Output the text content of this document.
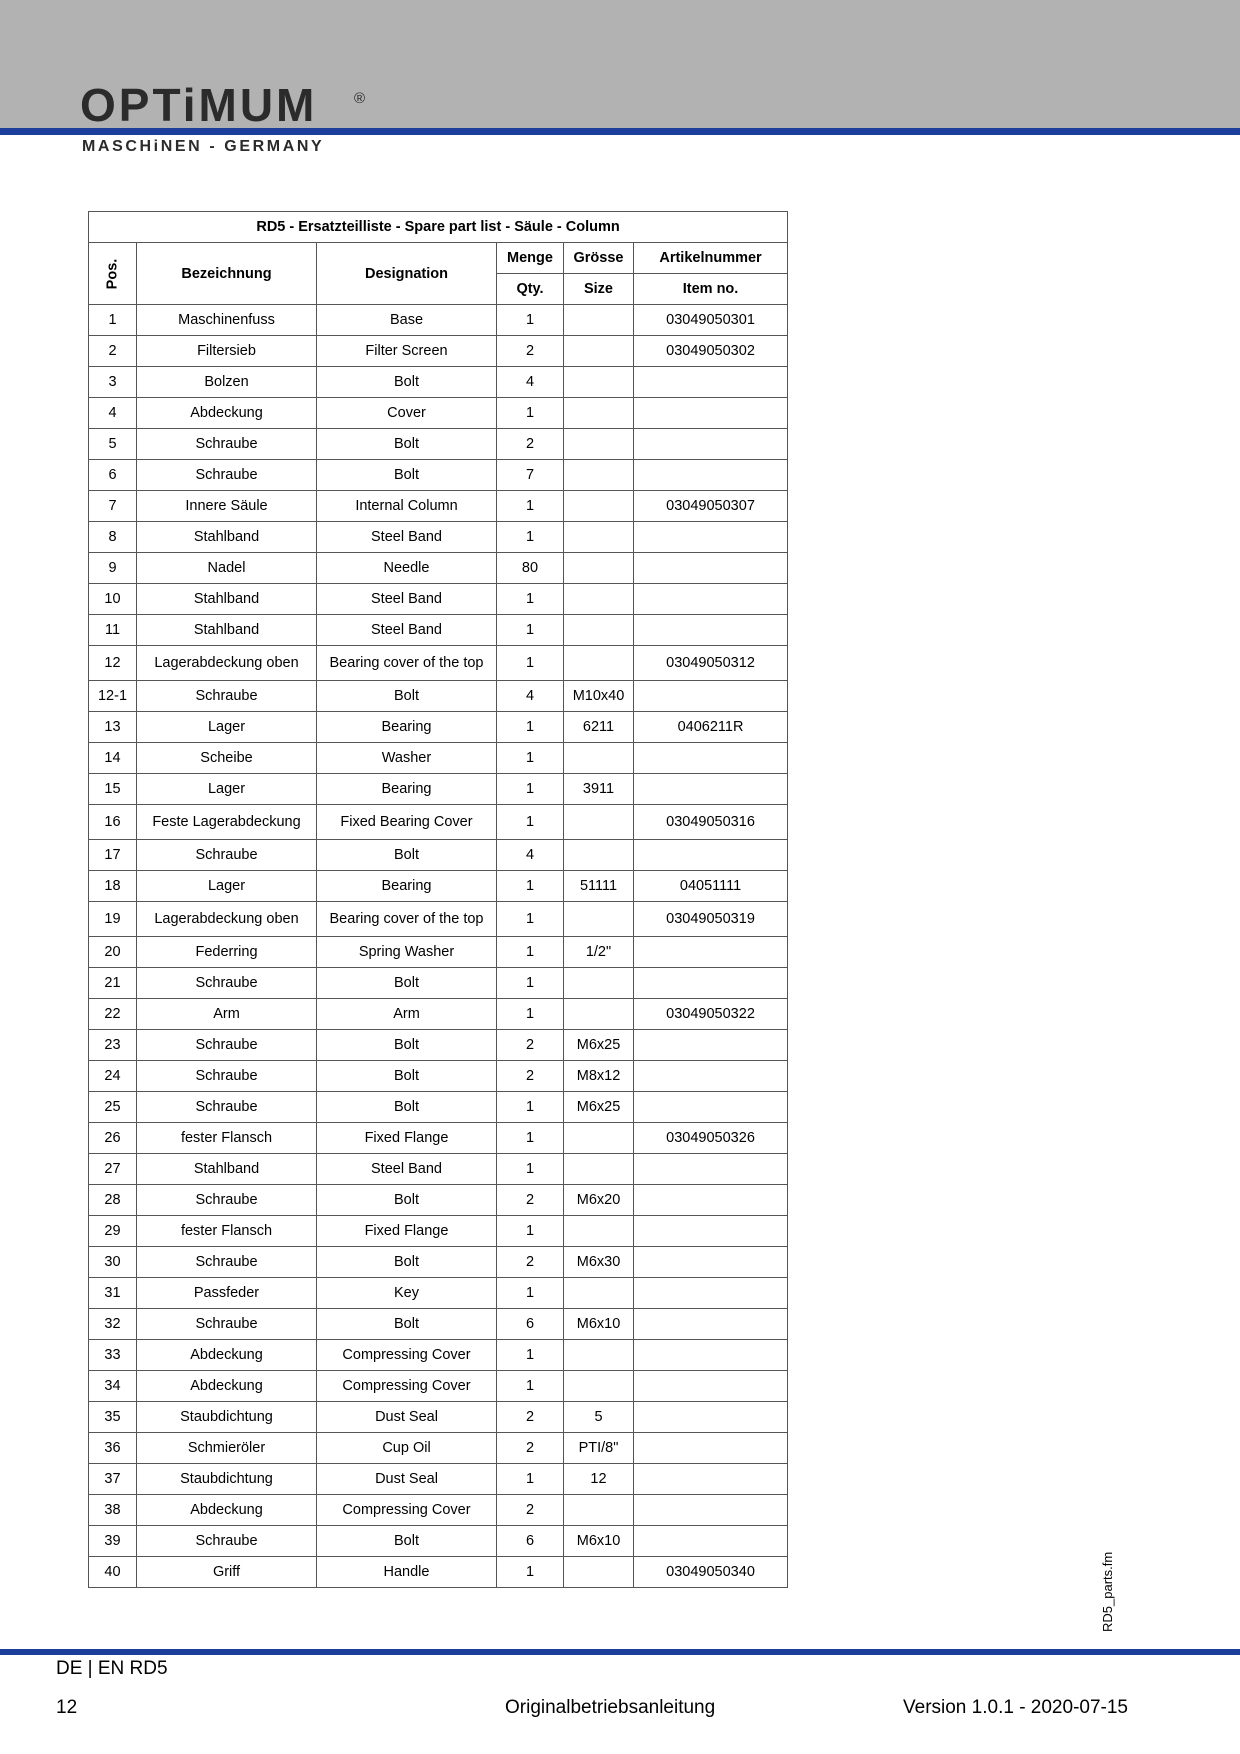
OPTiMUM ®
MASCHiNEN - GERMANY
RD5 - Ersatzteilliste - Spare part list - Säule - Column					
Pos.	Bezeichnung	Designation	Menge	Grösse	Artikelnummer
			Qty.	Size	Item no.
1	Maschinenfuss	Base	1		03049050301
2	Filtersieb	Filter Screen	2		03049050302
3	Bolzen	Bolt	4		
4	Abdeckung	Cover	1		
5	Schraube	Bolt	2		
6	Schraube	Bolt	7		
7	Innere Säule	Internal Column	1		03049050307
8	Stahlband	Steel Band	1		
9	Nadel	Needle	80		
10	Stahlband	Steel Band	1		
11	Stahlband	Steel Band	1		
12	Lagerabdeckung oben	Bearing cover of the top	1		03049050312
12-1	Schraube	Bolt	4	M10x40	
13	Lager	Bearing	1	6211	0406211R
14	Scheibe	Washer	1		
15	Lager	Bearing	1	3911	
16	Feste Lagerabdeckung	Fixed Bearing Cover	1		03049050316
17	Schraube	Bolt	4		
18	Lager	Bearing	1	51111	04051111
19	Lagerabdeckung oben	Bearing cover of the top	1		03049050319
20	Federring	Spring Washer	1	1/2"	
21	Schraube	Bolt	1		
22	Arm	Arm	1		03049050322
23	Schraube	Bolt	2	M6x25	
24	Schraube	Bolt	2	M8x12	
25	Schraube	Bolt	1	M6x25	
26	fester Flansch	Fixed Flange	1		03049050326
27	Stahlband	Steel Band	1		
28	Schraube	Bolt	2	M6x20	
29	fester Flansch	Fixed Flange	1		
30	Schraube	Bolt	2	M6x30	
31	Passfeder	Key	1		
32	Schraube	Bolt	6	M6x10	
33	Abdeckung	Compressing Cover	1		
34	Abdeckung	Compressing Cover	1		
35	Staubdichtung	Dust Seal	2	5	
36	Schmieröler	Cup Oil	2	PTI/8"	
37	Staubdichtung	Dust Seal	1	12	
38	Abdeckung	Compressing Cover	2		
39	Schraube	Bolt	6	M6x10	
40	Griff	Handle	1		03049050340	RD5_parts.fm
DE | EN RD5
12	Originalbetriebsanleitung	Version 1.0.1 - 2020-07-15
